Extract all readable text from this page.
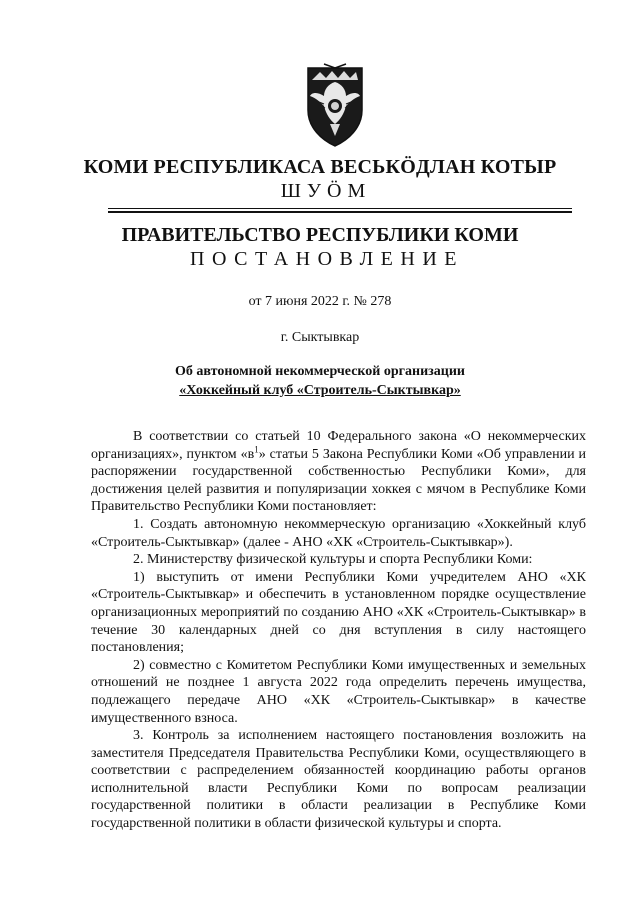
КОМИ РЕСПУБЛИКАСА ВЕСЬКӦДЛАН КОТЫР
ШУӦМ
ПРАВИТЕЛЬСТВО РЕСПУБЛИКИ КОМИ
ПОСТАНОВЛЕНИЕ
от 7 июня 2022 г. № 278
г. Сыктывкар
Об автономной некоммерческой организации
«Хоккейный клуб «Строитель-Сыктывкар»

В соответствии со статьей 10 Федерального закона «О некоммерческих организациях», пунктом «$в^1$» статьи 5 Закона Республики Коми «Об управлении и распоряжении государственной собственностью Республики Коми», для достижения целей развития и популяризации хоккея с мячом в Республике Коми Правительство Республики Коми постановляет:

1. Создать автономную некоммерческую организацию «Хоккейный клуб «Строитель-Сыктывкар» (далее - АНО «ХК «Строитель-Сыктывкар»).

2. Министерству физической культуры и спорта Республики Коми:

1) выступить от имени Республики Коми учредителем АНО «ХК «Строитель-Сыктывкар» и обеспечить в установленном порядке осуществление организационных мероприятий по созданию АНО «ХК «Строитель-Сыктывкар» в течение 30 календарных дней со дня вступления в силу настоящего постановления;

2) совместно с Комитетом Республики Коми имущественных и земельных отношений не позднее 1 августа 2022 года определить перечень имущества, подлежащего передаче АНО «ХК «Строитель-Сыктывкар» в качестве имущественного взноса.

3. Контроль за исполнением настоящего постановления возложить на заместителя Председателя Правительства Республики Коми, осуществляющего в соответствии с распределением обязанностей координацию работы органов исполнительной власти Республики Коми по вопросам реализации государственной политики в области реализации в Республике Коми государственной политики в области физической культуры и спорта.
